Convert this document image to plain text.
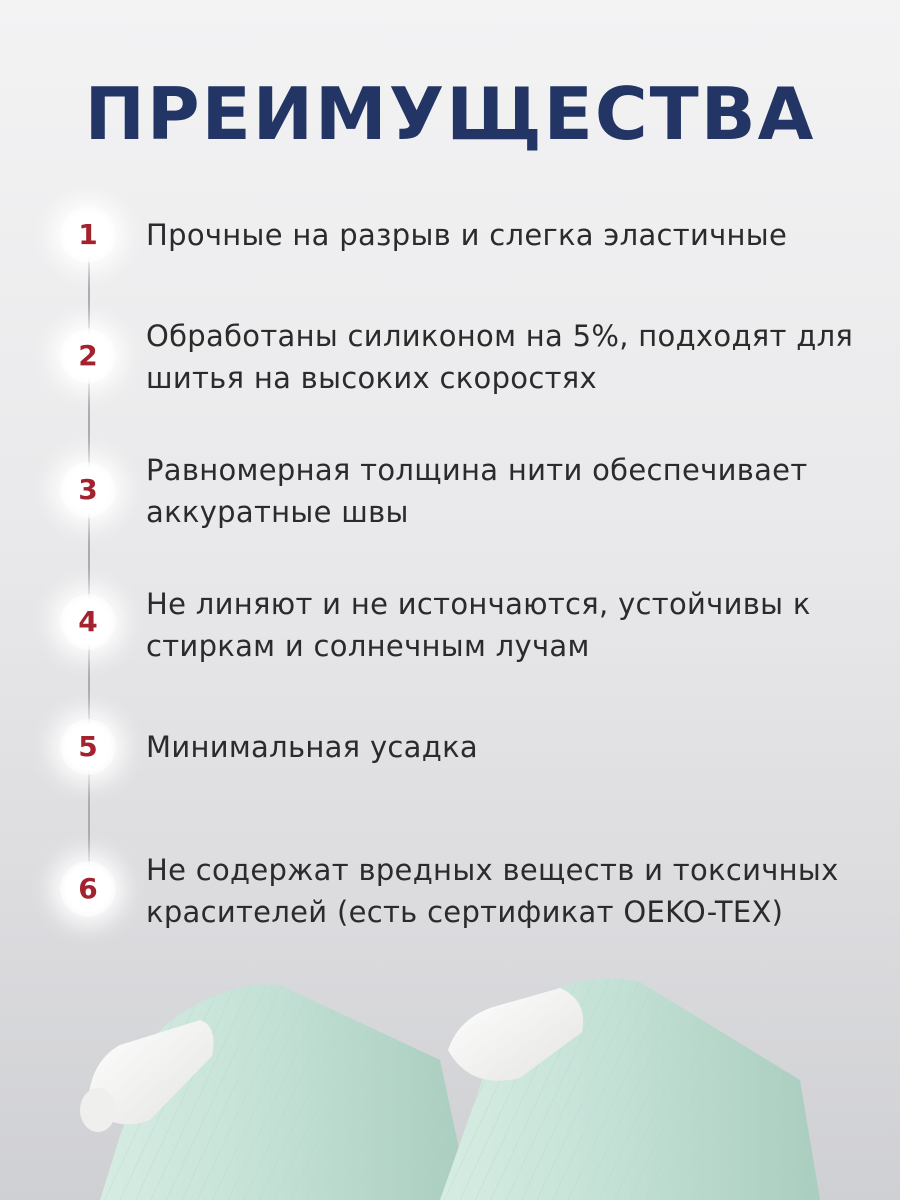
ПРЕИМУЩЕСТВА
1	Прочные на разрыв и слегка эластичные
2
Обработаны силиконом на 5%, подходят для шитья на высоких скоростях
3
Равномерная толщина нити обеспечивает аккуратные швы
4
Не линяют и не истончаются, устойчивы к стиркам и солнечным лучам
5	Минимальная усадка
6
Не содержат вредных веществ и токсичных красителей (есть сертификат OEKO-TEX)
